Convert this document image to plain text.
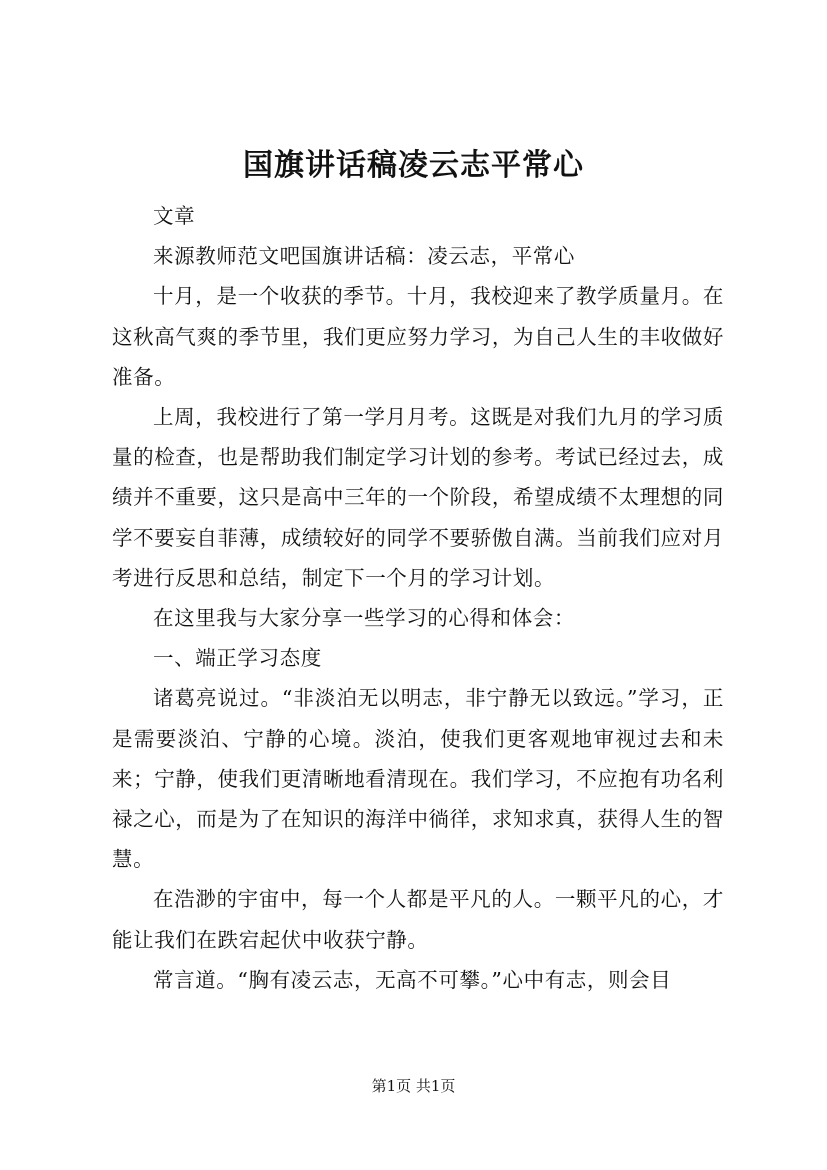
国旗讲话稿凌云志平常心

文章

来源教师范文吧国旗讲话稿：凌云志，平常心

十月，是一个收获的季节。十月，我校迎来了教学质量月。在这秋高气爽的季节里，我们更应努力学习，为自己人生的丰收做好准备。

上周，我校进行了第一学月月考。这既是对我们九月的学习质量的检查，也是帮助我们制定学习计划的参考。考试已经过去，成绩并不重要，这只是高中三年的一个阶段，希望成绩不太理想的同学不要妄自菲薄，成绩较好的同学不要骄傲自满。当前我们应对月考进行反思和总结，制定下一个月的学习计划。

在这里我与大家分享一些学习的心得和体会：

一、端正学习态度

诸葛亮说过。“非淡泊无以明志，非宁静无以致远。”学习，正是需要淡泊、宁静的心境。淡泊，使我们更客观地审视过去和未来；宁静，使我们更清晰地看清现在。我们学习，不应抱有功名利禄之心，而是为了在知识的海洋中徜徉，求知求真，获得人生的智慧。

在浩渺的宇宙中，每一个人都是平凡的人。一颗平凡的心，才能让我们在跌宕起伏中收获宁静。

常言道。“胸有凌云志，无高不可攀。”心中有志，则会目

第1页 共1页
